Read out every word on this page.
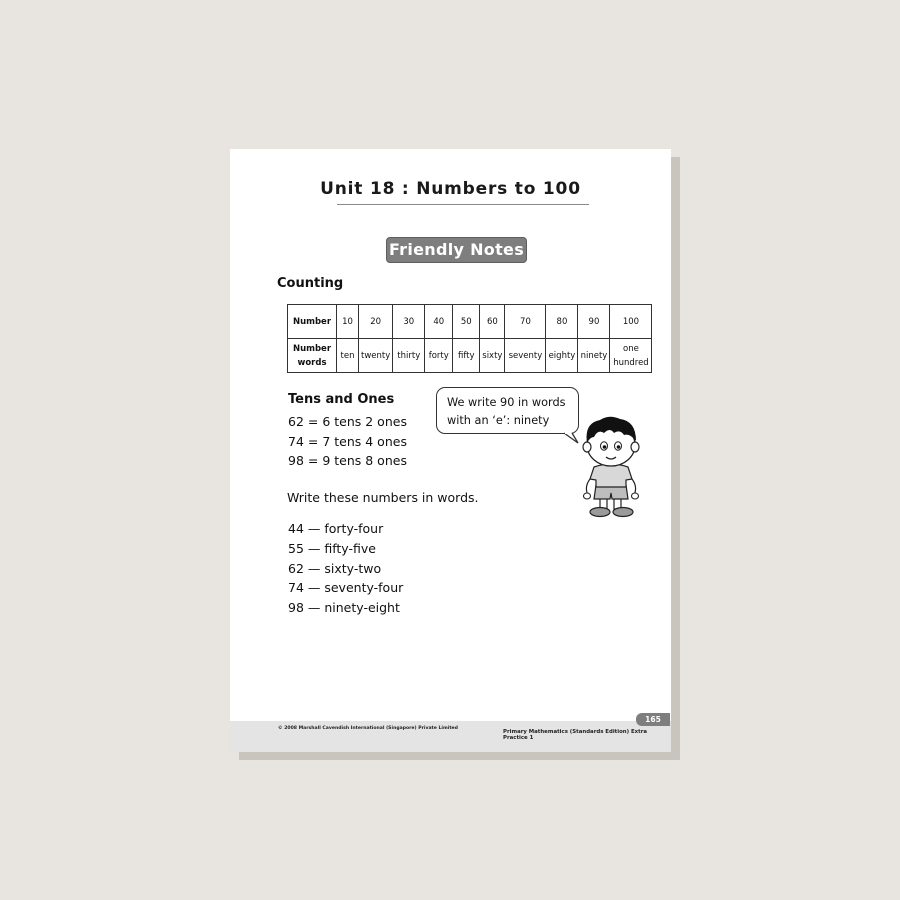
Unit 18 : Numbers to 100
Friendly Notes
Counting
Number	10	20	30	40	50	60	70	80	90	100
Number words	ten	twenty	thirty	forty	fifty	sixty	seventy	eighty	ninety	one hundred
Tens and Ones
62 = 6 tens 2 ones
74 = 7 tens 4 ones
98 = 9 tens 8 ones
We write 90 in words
with an ‘e’: ninety
Write these numbers in words.
44 — forty-four
55 — fifty-five
62 — sixty-two
74 — seventy-four
98 — ninety-eight
165
© 2008 Marshall Cavendish International (Singapore) Private Limited
Primary Mathematics (Standards Edition) Extra Practice 1
